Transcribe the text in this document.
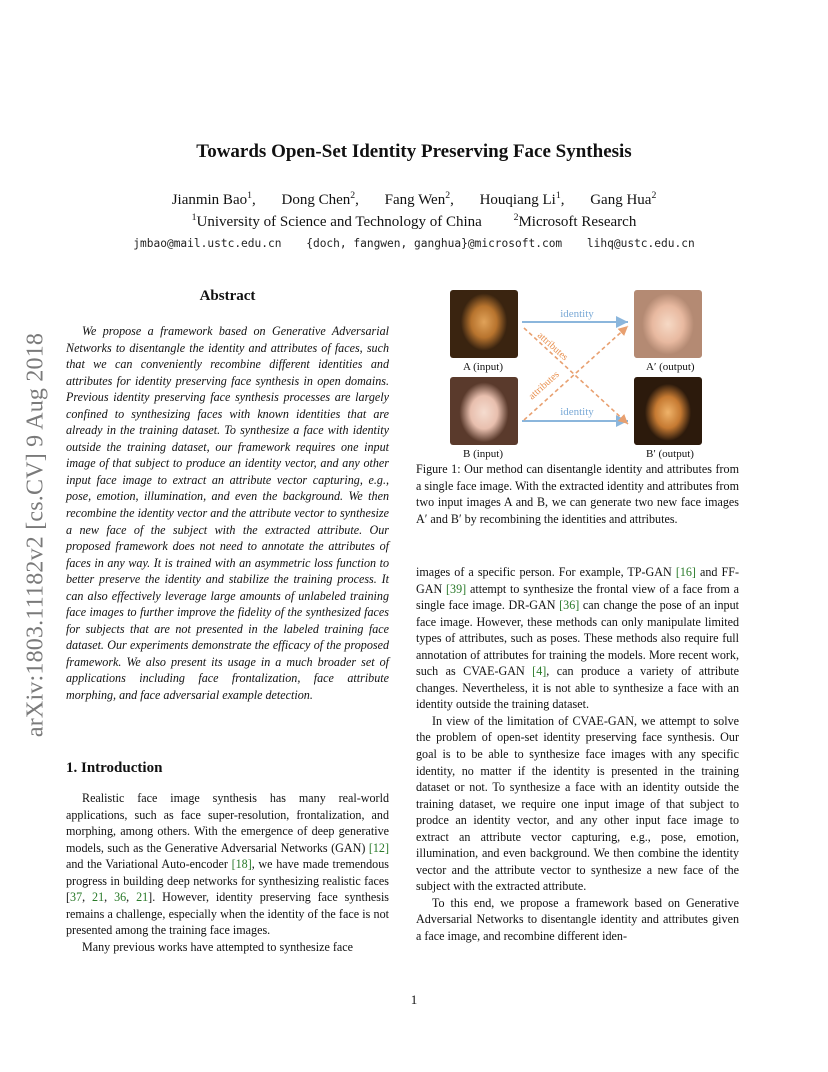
arXiv:1803.11182v2 [cs.CV] 9 Aug 2018
Towards Open-Set Identity Preserving Face Synthesis
Jianmin Bao$^1$, Dong Chen$^2$, Fang Wen$^2$, Houqiang Li$^1$, Gang Hua$^2$
$^1$University of Science and Technology of China	$^2$Microsoft Research
jmbao@mail.ustc.edu.cn {doch, fangwen, ganghua}@microsoft.com lihq@ustc.edu.cn
Abstract

We propose a framework based on Generative Adversarial Networks to disentangle the identity and attributes of faces, such that we can conveniently recombine different identities and attributes for identity preserving face synthesis in open domains. Previous identity preserving face synthesis processes are largely confined to synthesizing faces with known identities that are already in the training dataset. To synthesize a face with identity outside the training dataset, our framework requires one input image of that subject to produce an identity vector, and any other input face image to extract an attribute vector capturing, e.g., pose, emotion, illumination, and even the background. We then recombine the identity vector and the attribute vector to synthesize a new face of the subject with the extracted attribute. Our proposed framework does not need to annotate the attributes of faces in any way. It is trained with an asymmetric loss function to better preserve the identity and stabilize the training process. It can also effectively leverage large amounts of unlabeled training face images to further improve the fidelity of the synthesized faces for subjects that are not presented in the labeled training face dataset. Our experiments demonstrate the efficacy of the proposed framework. We also present its usage in a much broader set of applications including face frontalization, face attribute morphing, and face adversarial example detection.

1. Introduction

Realistic face image synthesis has many real-world applications, such as face super-resolution, frontalization, and morphing, among others. With the emergence of deep generative models, such as the Generative Adversarial Networks (GAN) [12] and the Variational Auto-encoder [18], we have made tremendous progress in building deep networks for synthesizing realistic faces [37, 21, 36, 21]. However, identity preserving face synthesis remains a challenge, especially when the identity of the face is not presented among the training face images.

Many previous works have attempted to synthesize face

identity
identity
attributes
attributes
A (input)	A′ (output)
B (input)	B′ (output)
Figure 1: Our method can disentangle identity and attributes from a single face image. With the extracted identity and attributes from two input images A and B, we can generate two new face images A′ and B′ by recombining the identities and attributes.

images of a specific person. For example, TP-GAN [16] and FF-GAN [39] attempt to synthesize the frontal view of a face from a single face image. DR-GAN [36] can change the pose of an input face image. However, these methods can only manipulate limited types of attributes, such as poses. These methods also require full annotation of attributes for training the models. More recent work, such as CVAE-GAN [4], can produce a variety of attribute changes. Nevertheless, it is not able to synthesize a face with an identity outside the training dataset.

In view of the limitation of CVAE-GAN, we attempt to solve the problem of open-set identity preserving face synthesis. Our goal is to be able to synthesize face images with any specific identity, no matter if the identity is presented in the training dataset or not. To synthesize a face with an identity outside the training dataset, we require one input image of that subject to prodce an identity vector, and any other input face image to extract an attribute vector capturing, e.g., pose, emotion, illumination, and even background. We then combine the identity vector and the attribute vector to synthesize a new face of the subject with the extracted attribute.

To this end, we propose a framework based on Generative Adversarial Networks to disentangle identity and attributes given a face image, and recombine different iden-

1
